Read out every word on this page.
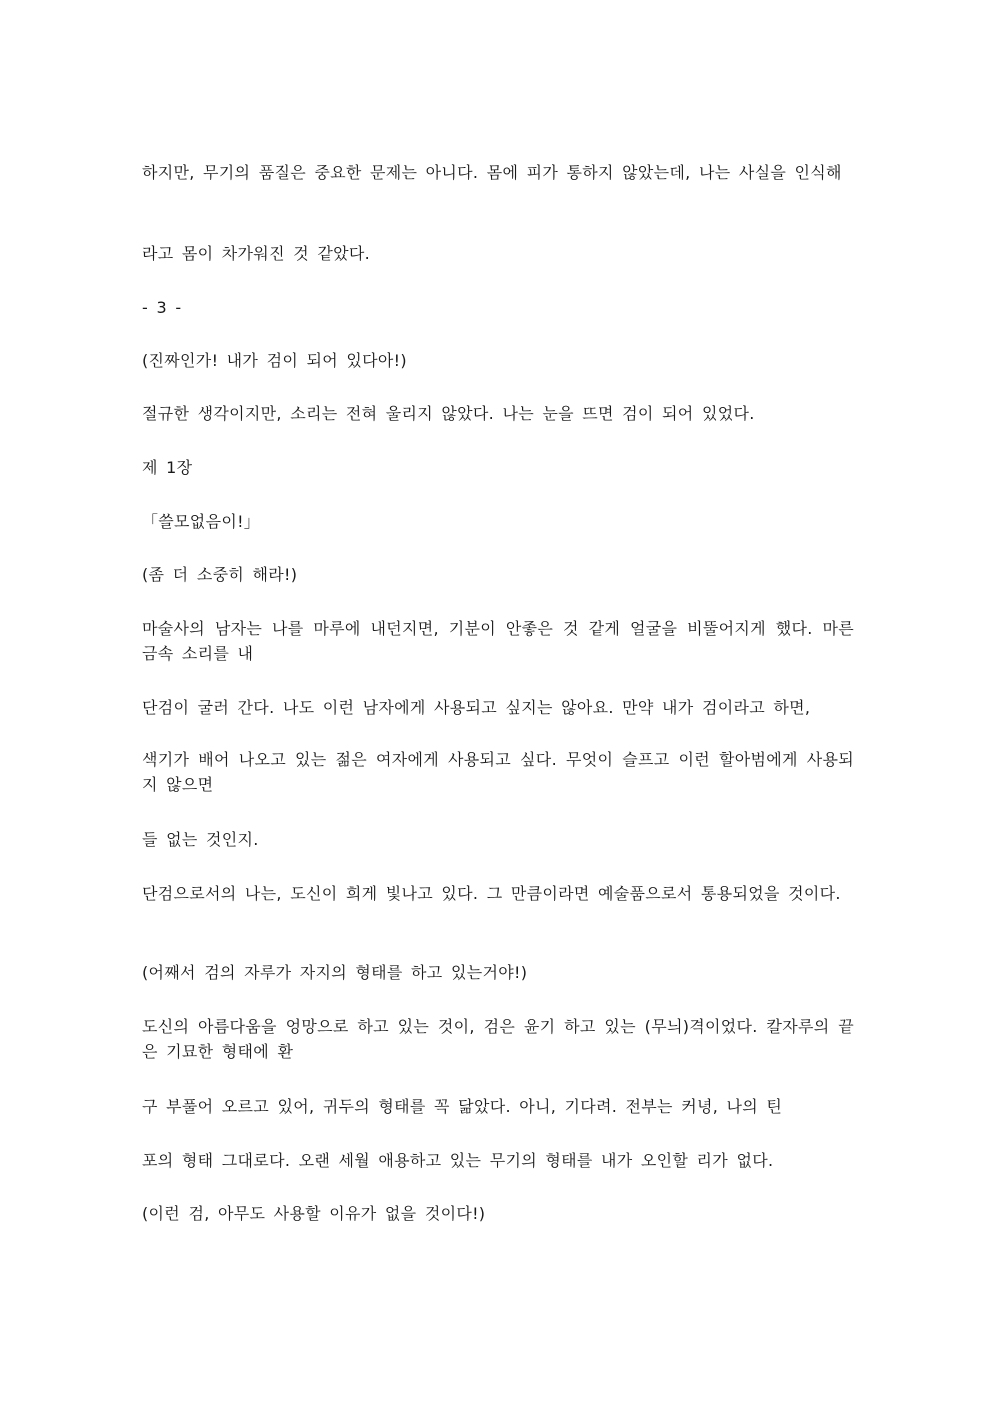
하지만, 무기의 품질은 중요한 문제는 아니다. 몸에 피가 통하지 않았는데, 나는 사실을 인식해

라고 몸이 차가워진 것 같았다.

- 3 -

(진짜인가! 내가 검이 되어 있다아!)

절규한 생각이지만, 소리는 전혀 울리지 않았다. 나는 눈을 뜨면 검이 되어 있었다.

제 1장

「쓸모없음이!」

(좀 더 소중히 해라!)

마술사의 남자는 나를 마루에 내던지면, 기분이 안좋은 것 같게 얼굴을 비뚤어지게 했다. 마른 금속 소리를 내

단검이 굴러 간다. 나도 이런 남자에게 사용되고 싶지는 않아요. 만약 내가 검이라고 하면,

색기가 배어 나오고 있는 젊은 여자에게 사용되고 싶다. 무엇이 슬프고 이런 할아범에게 사용되지 않으면

들 없는 것인지.

단검으로서의 나는, 도신이 희게 빛나고 있다. 그 만큼이라면 예술품으로서 통용되었을 것이다.

(어째서 검의 자루가 자지의 형태를 하고 있는거야!)

도신의 아름다움을 엉망으로 하고 있는 것이, 검은 윤기 하고 있는 (무늬)격이었다. 칼자루의 끝은 기묘한 형태에 환

구 부풀어 오르고 있어, 귀두의 형태를 꼭 닮았다. 아니, 기다려. 전부는 커녕, 나의 틴

포의 형태 그대로다. 오랜 세월 애용하고 있는 무기의 형태를 내가 오인할 리가 없다.

(이런 검, 아무도 사용할 이유가 없을 것이다!)
